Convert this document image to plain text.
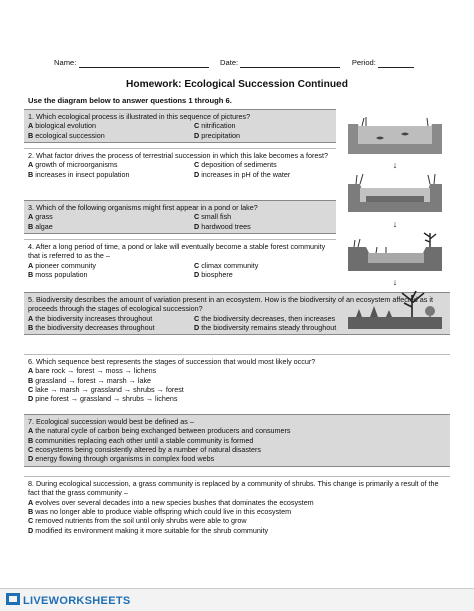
Name:	Date:	Period:
Homework: Ecological Succession Continued
Use the diagram below to answer questions 1 through 6.
1. Which ecological process is illustrated in this sequence of pictures?
A biological evolution	C nitrification
B ecological succession	D precipitation
2. What factor drives the process of terrestrial succession in which this lake becomes a forest?
A growth of microorganisms	C deposition of sediments
B increases in insect population	D increases in pH of the water
3. Which of the following organisms might first appear in a pond or lake?
A grass	C small fish
B algae	D hardwood trees
4. After a long period of time, a pond or lake will eventually become a stable forest community that is referred to as the –
A pioneer community	C climax community
B moss population	D biosphere
5. Biodiversity describes the amount of variation present in an ecosystem. How is the biodiversity of an ecosystem affected as it proceeds through the stages of ecological succession?
A the biodiversity increases throughout	C the biodiversity decreases, then increases
B the biodiversity decreases throughout	D the biodiversity remains steady throughout
6. Which sequence best represents the stages of succession that would most likely occur?
A bare rock → forest → moss → lichens
B grassland → forest → marsh → lake
C lake → marsh → grassland → shrubs → forest
D pine forest → grassland → shrubs → lichens
7. Ecological succession would best be defined as –
A the natural cycle of carbon being exchanged between producers and consumers
B communities replacing each other until a stable community is formed
C ecosystems being consistently altered by a number of natural disasters
D energy flowing through organisms in complex food webs
8. During ecological succession, a grass community is replaced by a community of shrubs. This change is primarily a result of the fact that the grass community –
A evolves over several decades into a new species bushes that dominates the ecosystem
B was no longer able to produce viable offspring which could live in this ecosystem
C removed nutrients from the soil until only shrubs were able to grow
D modified its environment making it more suitable for the shrub community
↓
↓
↓
LIVEWORKSHEETS
